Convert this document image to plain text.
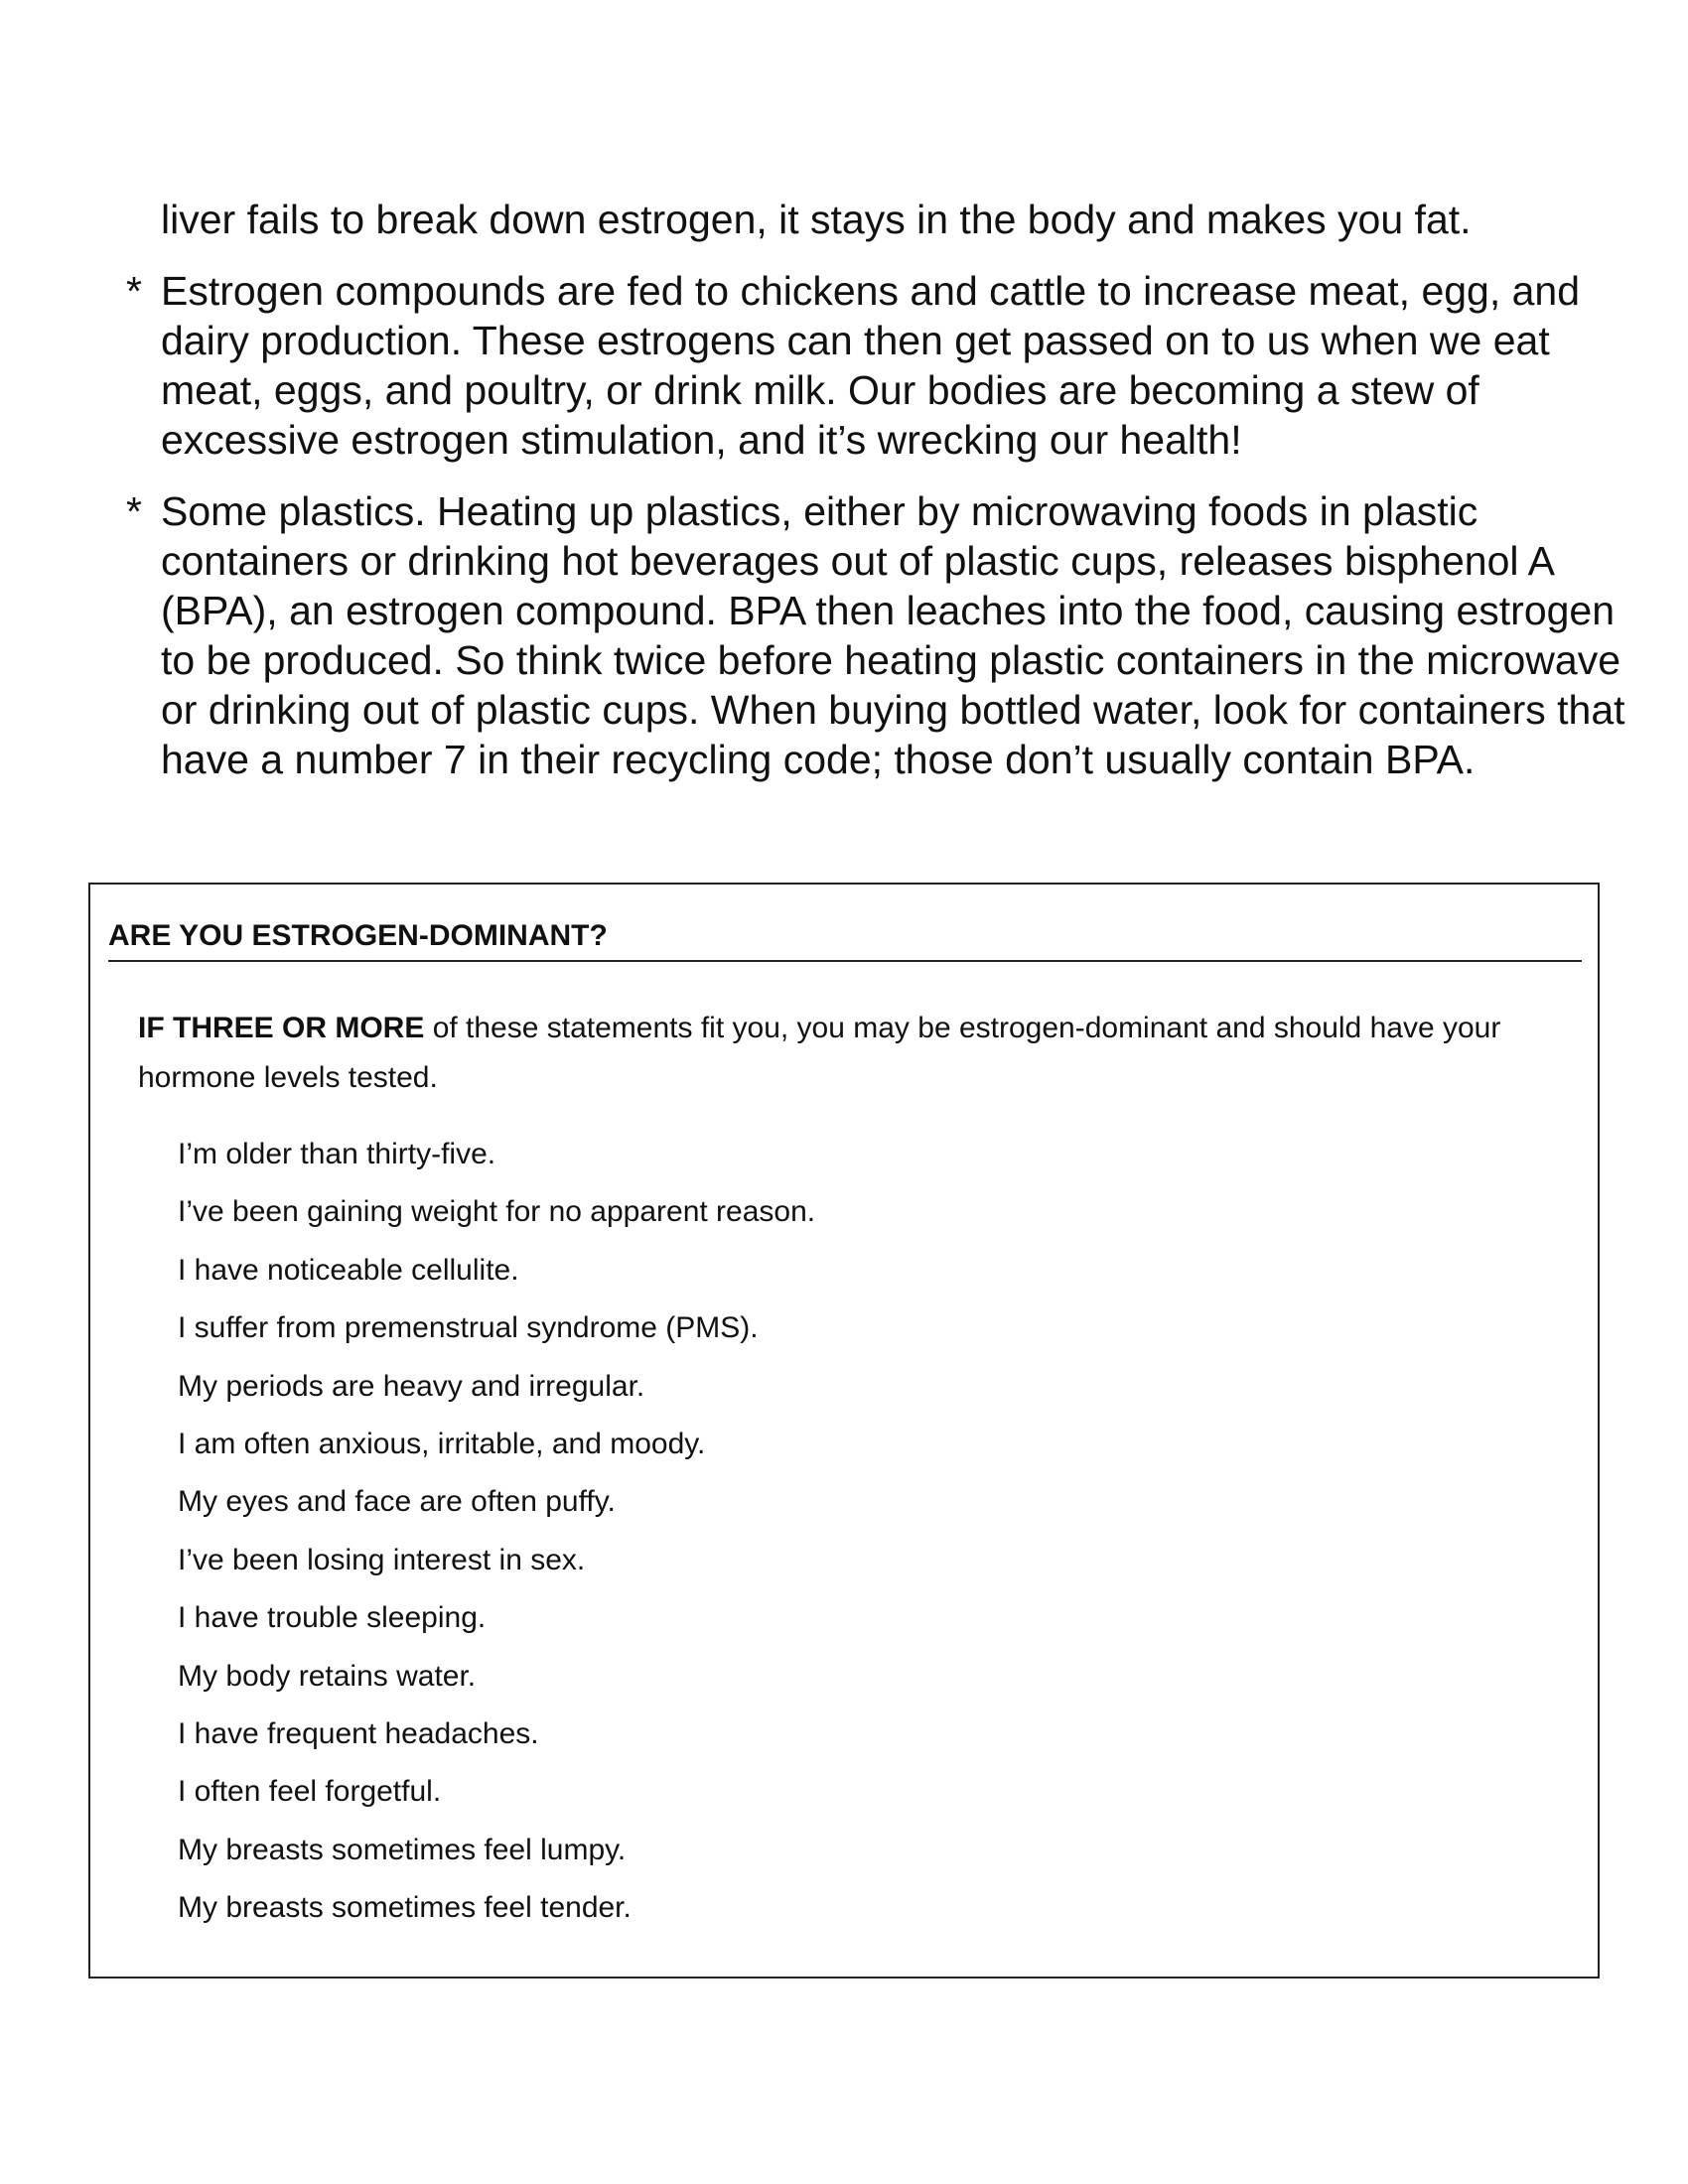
liver fails to break down estrogen, it stays in the body and makes you fat.

* Estrogen compounds are fed to chickens and cattle to increase meat, egg, and dairy production. These estrogens can then get passed on to us when we eat meat, eggs, and poultry, or drink milk. Our bodies are becoming a stew of excessive estrogen stimulation, and it’s wrecking our health!

* Some plastics. Heating up plastics, either by microwaving foods in plastic containers or drinking hot beverages out of plastic cups, releases bisphenol A (BPA), an estrogen compound. BPA then leaches into the food, causing estrogen to be produced. So think twice before heating plastic containers in the microwave or drinking out of plastic cups. When buying bottled water, look for containers that have a number 7 in their recycling code; those don’t usually contain BPA.

ARE YOU ESTROGEN-DOMINANT?

IF THREE OR MORE of these statements fit you, you may be estrogen-dominant and should have your hormone levels tested.

I’m older than thirty-five.
I’ve been gaining weight for no apparent reason.
I have noticeable cellulite.
I suffer from premenstrual syndrome (PMS).
My periods are heavy and irregular.
I am often anxious, irritable, and moody.
My eyes and face are often puffy.
I’ve been losing interest in sex.
I have trouble sleeping.
My body retains water.
I have frequent headaches.
I often feel forgetful.
My breasts sometimes feel lumpy.
My breasts sometimes feel tender.
